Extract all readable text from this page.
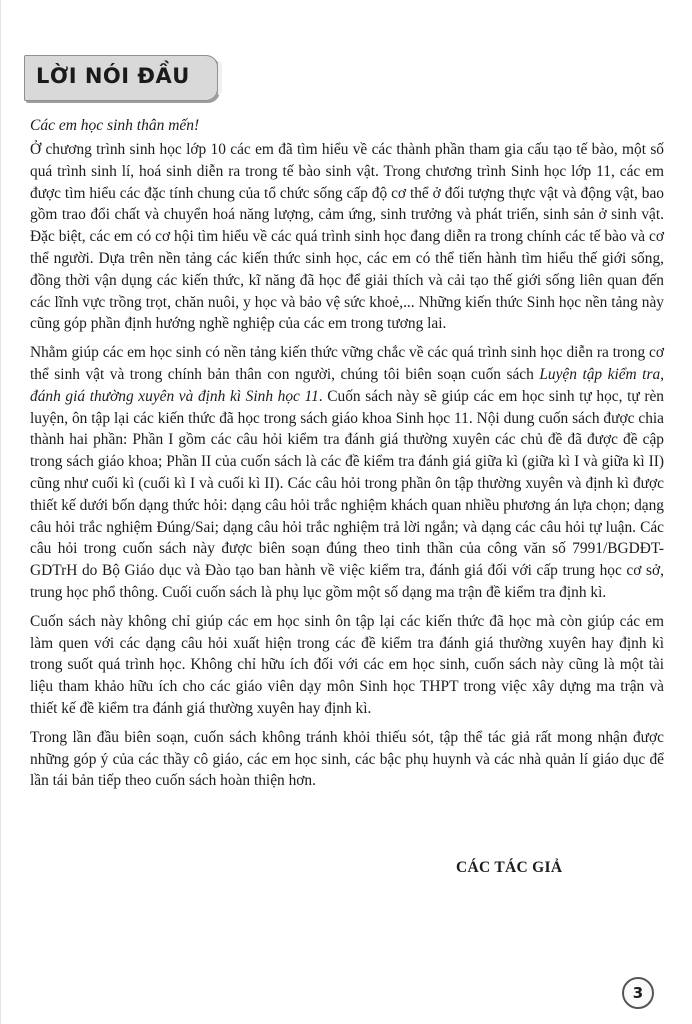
LỜI NÓI ĐẦU
Các em học sinh thân mến!

Ở chương trình sinh học lớp 10 các em đã tìm hiểu về các thành phần tham gia cấu tạo tế bào, một số quá trình sinh lí, hoá sinh diễn ra trong tế bào sinh vật. Trong chương trình Sinh học lớp 11, các em được tìm hiểu các đặc tính chung của tổ chức sống cấp độ cơ thể ở đối tượng thực vật và động vật, bao gồm trao đổi chất và chuyển hoá năng lượng, cảm ứng, sinh trưởng và phát triển, sinh sản ở sinh vật. Đặc biệt, các em có cơ hội tìm hiểu về các quá trình sinh học đang diễn ra trong chính các tế bào và cơ thể người. Dựa trên nền tảng các kiến thức sinh học, các em có thể tiến hành tìm hiểu thế giới sống, đồng thời vận dụng các kiến thức, kĩ năng đã học để giải thích và cải tạo thế giới sống liên quan đến các lĩnh vực trồng trọt, chăn nuôi, y học và bảo vệ sức khoẻ,... Những kiến thức Sinh học nền tảng này cũng góp phần định hướng nghề nghiệp của các em trong tương lai.

Nhằm giúp các em học sinh có nền tảng kiến thức vững chắc về các quá trình sinh học diễn ra trong cơ thể sinh vật và trong chính bản thân con người, chúng tôi biên soạn cuốn sách Luyện tập kiểm tra, đánh giá thường xuyên và định kì Sinh học 11. Cuốn sách này sẽ giúp các em học sinh tự học, tự rèn luyện, ôn tập lại các kiến thức đã học trong sách giáo khoa Sinh học 11. Nội dung cuốn sách được chia thành hai phần: Phần I gồm các câu hỏi kiểm tra đánh giá thường xuyên các chủ đề đã được đề cập trong sách giáo khoa; Phần II của cuốn sách là các đề kiểm tra đánh giá giữa kì (giữa kì I và giữa kì II) cũng như cuối kì (cuối kì I và cuối kì II). Các câu hỏi trong phần ôn tập thường xuyên và định kì được thiết kế dưới bốn dạng thức hỏi: dạng câu hỏi trắc nghiệm khách quan nhiều phương án lựa chọn; dạng câu hỏi trắc nghiệm Đúng/Sai; dạng câu hỏi trắc nghiệm trả lời ngắn; và dạng các câu hỏi tự luận. Các câu hỏi trong cuốn sách này được biên soạn đúng theo tinh thần của công văn số 7991/BGDĐT-GDTrH do Bộ Giáo dục và Đào tạo ban hành về việc kiểm tra, đánh giá đối với cấp trung học cơ sở, trung học phổ thông. Cuối cuốn sách là phụ lục gồm một số dạng ma trận đề kiểm tra định kì.

Cuốn sách này không chỉ giúp các em học sinh ôn tập lại các kiến thức đã học mà còn giúp các em làm quen với các dạng câu hỏi xuất hiện trong các đề kiểm tra đánh giá thường xuyên hay định kì trong suốt quá trình học. Không chỉ hữu ích đối với các em học sinh, cuốn sách này cũng là một tài liệu tham khảo hữu ích cho các giáo viên dạy môn Sinh học THPT trong việc xây dựng ma trận và thiết kế đề kiểm tra đánh giá thường xuyên hay định kì.

Trong lần đầu biên soạn, cuốn sách không tránh khỏi thiếu sót, tập thể tác giả rất mong nhận được những góp ý của các thầy cô giáo, các em học sinh, các bậc phụ huynh và các nhà quản lí giáo dục để lần tái bản tiếp theo cuốn sách hoàn thiện hơn.

CÁC TÁC GIẢ
3
